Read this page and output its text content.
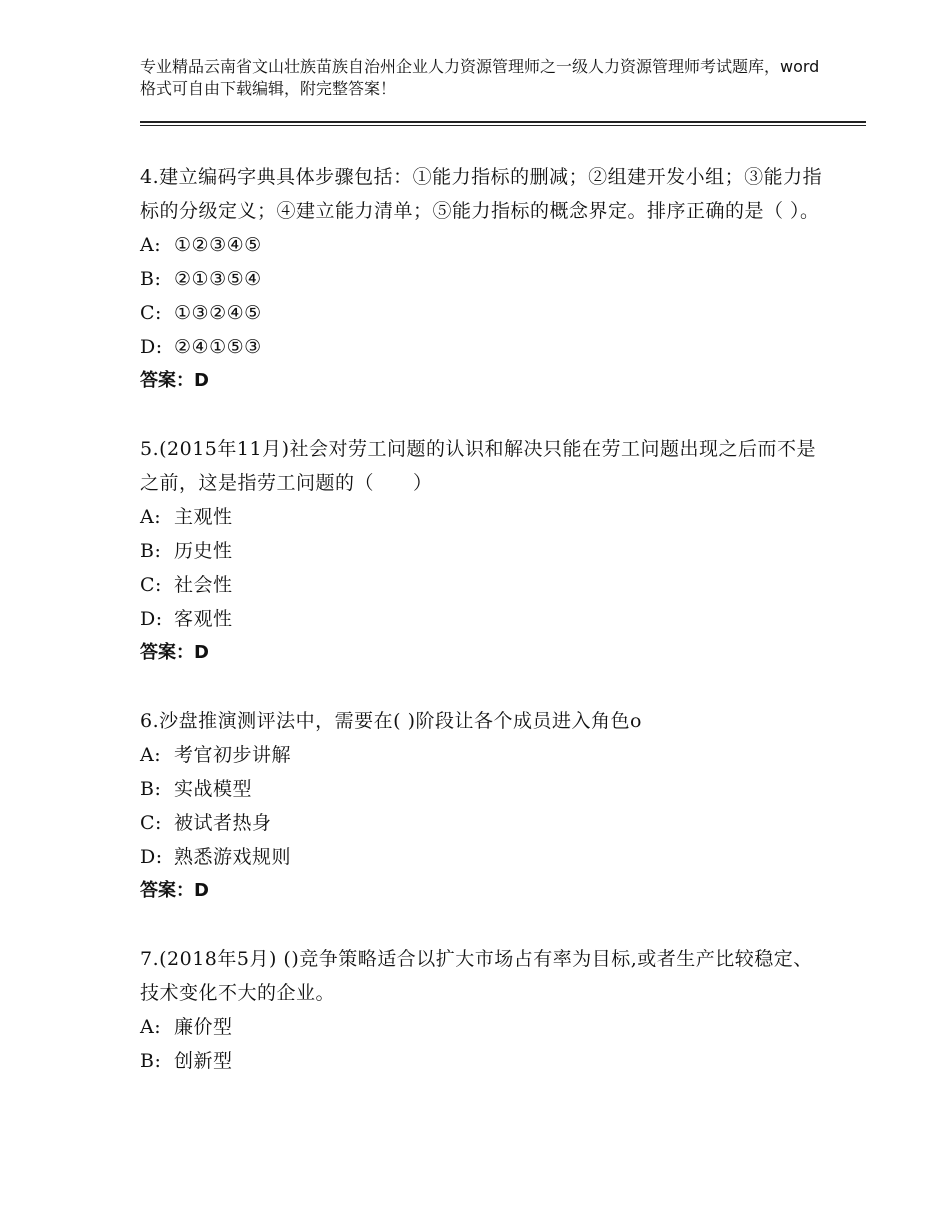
专业精品云南省文山壮族苗族自治州企业人力资源管理师之一级人力资源管理师考试题库，word格式可自由下载编辑，附完整答案！
4.建立编码字典具体步骤包括：①能力指标的删减；②组建开发小组；③能力指标的分级定义；④建立能力清单；⑤能力指标的概念界定。排序正确的是（ ）。
A: ①②③④⑤
B: ②①③⑤④
C: ①③②④⑤
D: ②④①⑤③
答案：D
5.(2015年11月)社会对劳工问题的认识和解决只能在劳工问题出现之后而不是之前，这是指劳工问题的（　　）
A: 主观性
B: 历史性
C: 社会性
D: 客观性
答案：D
6.沙盘推演测评法中，需要在( )阶段让各个成员进入角色o
A: 考官初步讲解
B: 实战模型
C: 被试者热身
D: 熟悉游戏规则
答案：D
7.(2018年5月) ()竞争策略适合以扩大市场占有率为目标,或者生产比较稳定、技术变化不大的企业。
A: 廉价型
B: 创新型
